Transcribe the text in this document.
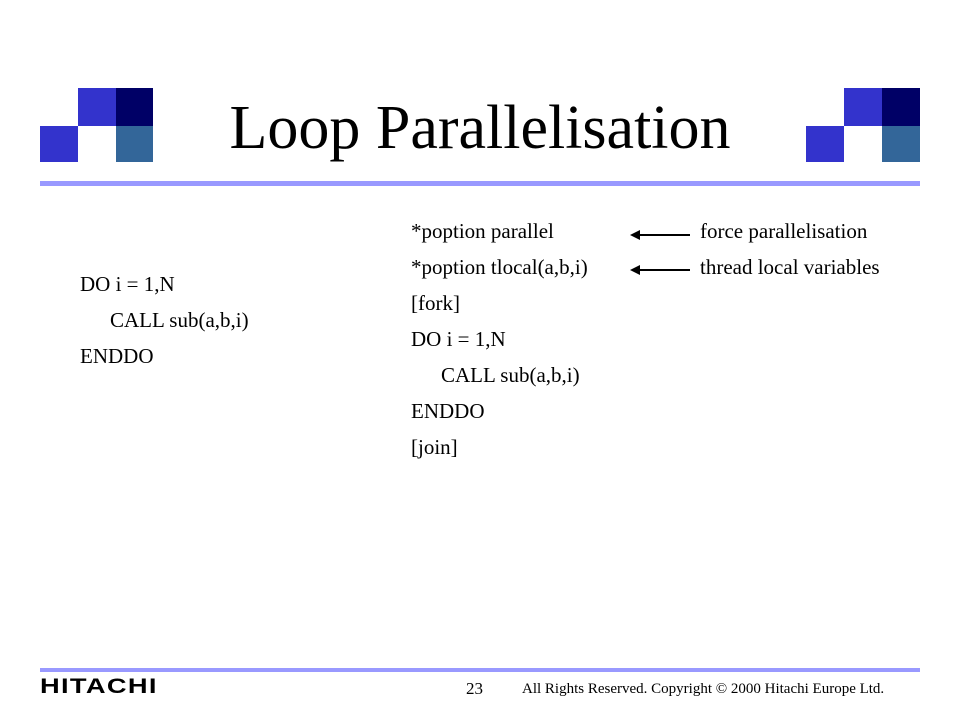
Loop Parallelisation
DO i = 1,N
CALL sub(a,b,i)
ENDDO
*poption parallel
*poption tlocal(a,b,i)
[fork]
DO i = 1,N
CALL sub(a,b,i)
ENDDO
[join]
force parallelisation
thread local variables
HITACHI	23	All Rights Reserved. Copyright © 2000 Hitachi Europe Ltd.
